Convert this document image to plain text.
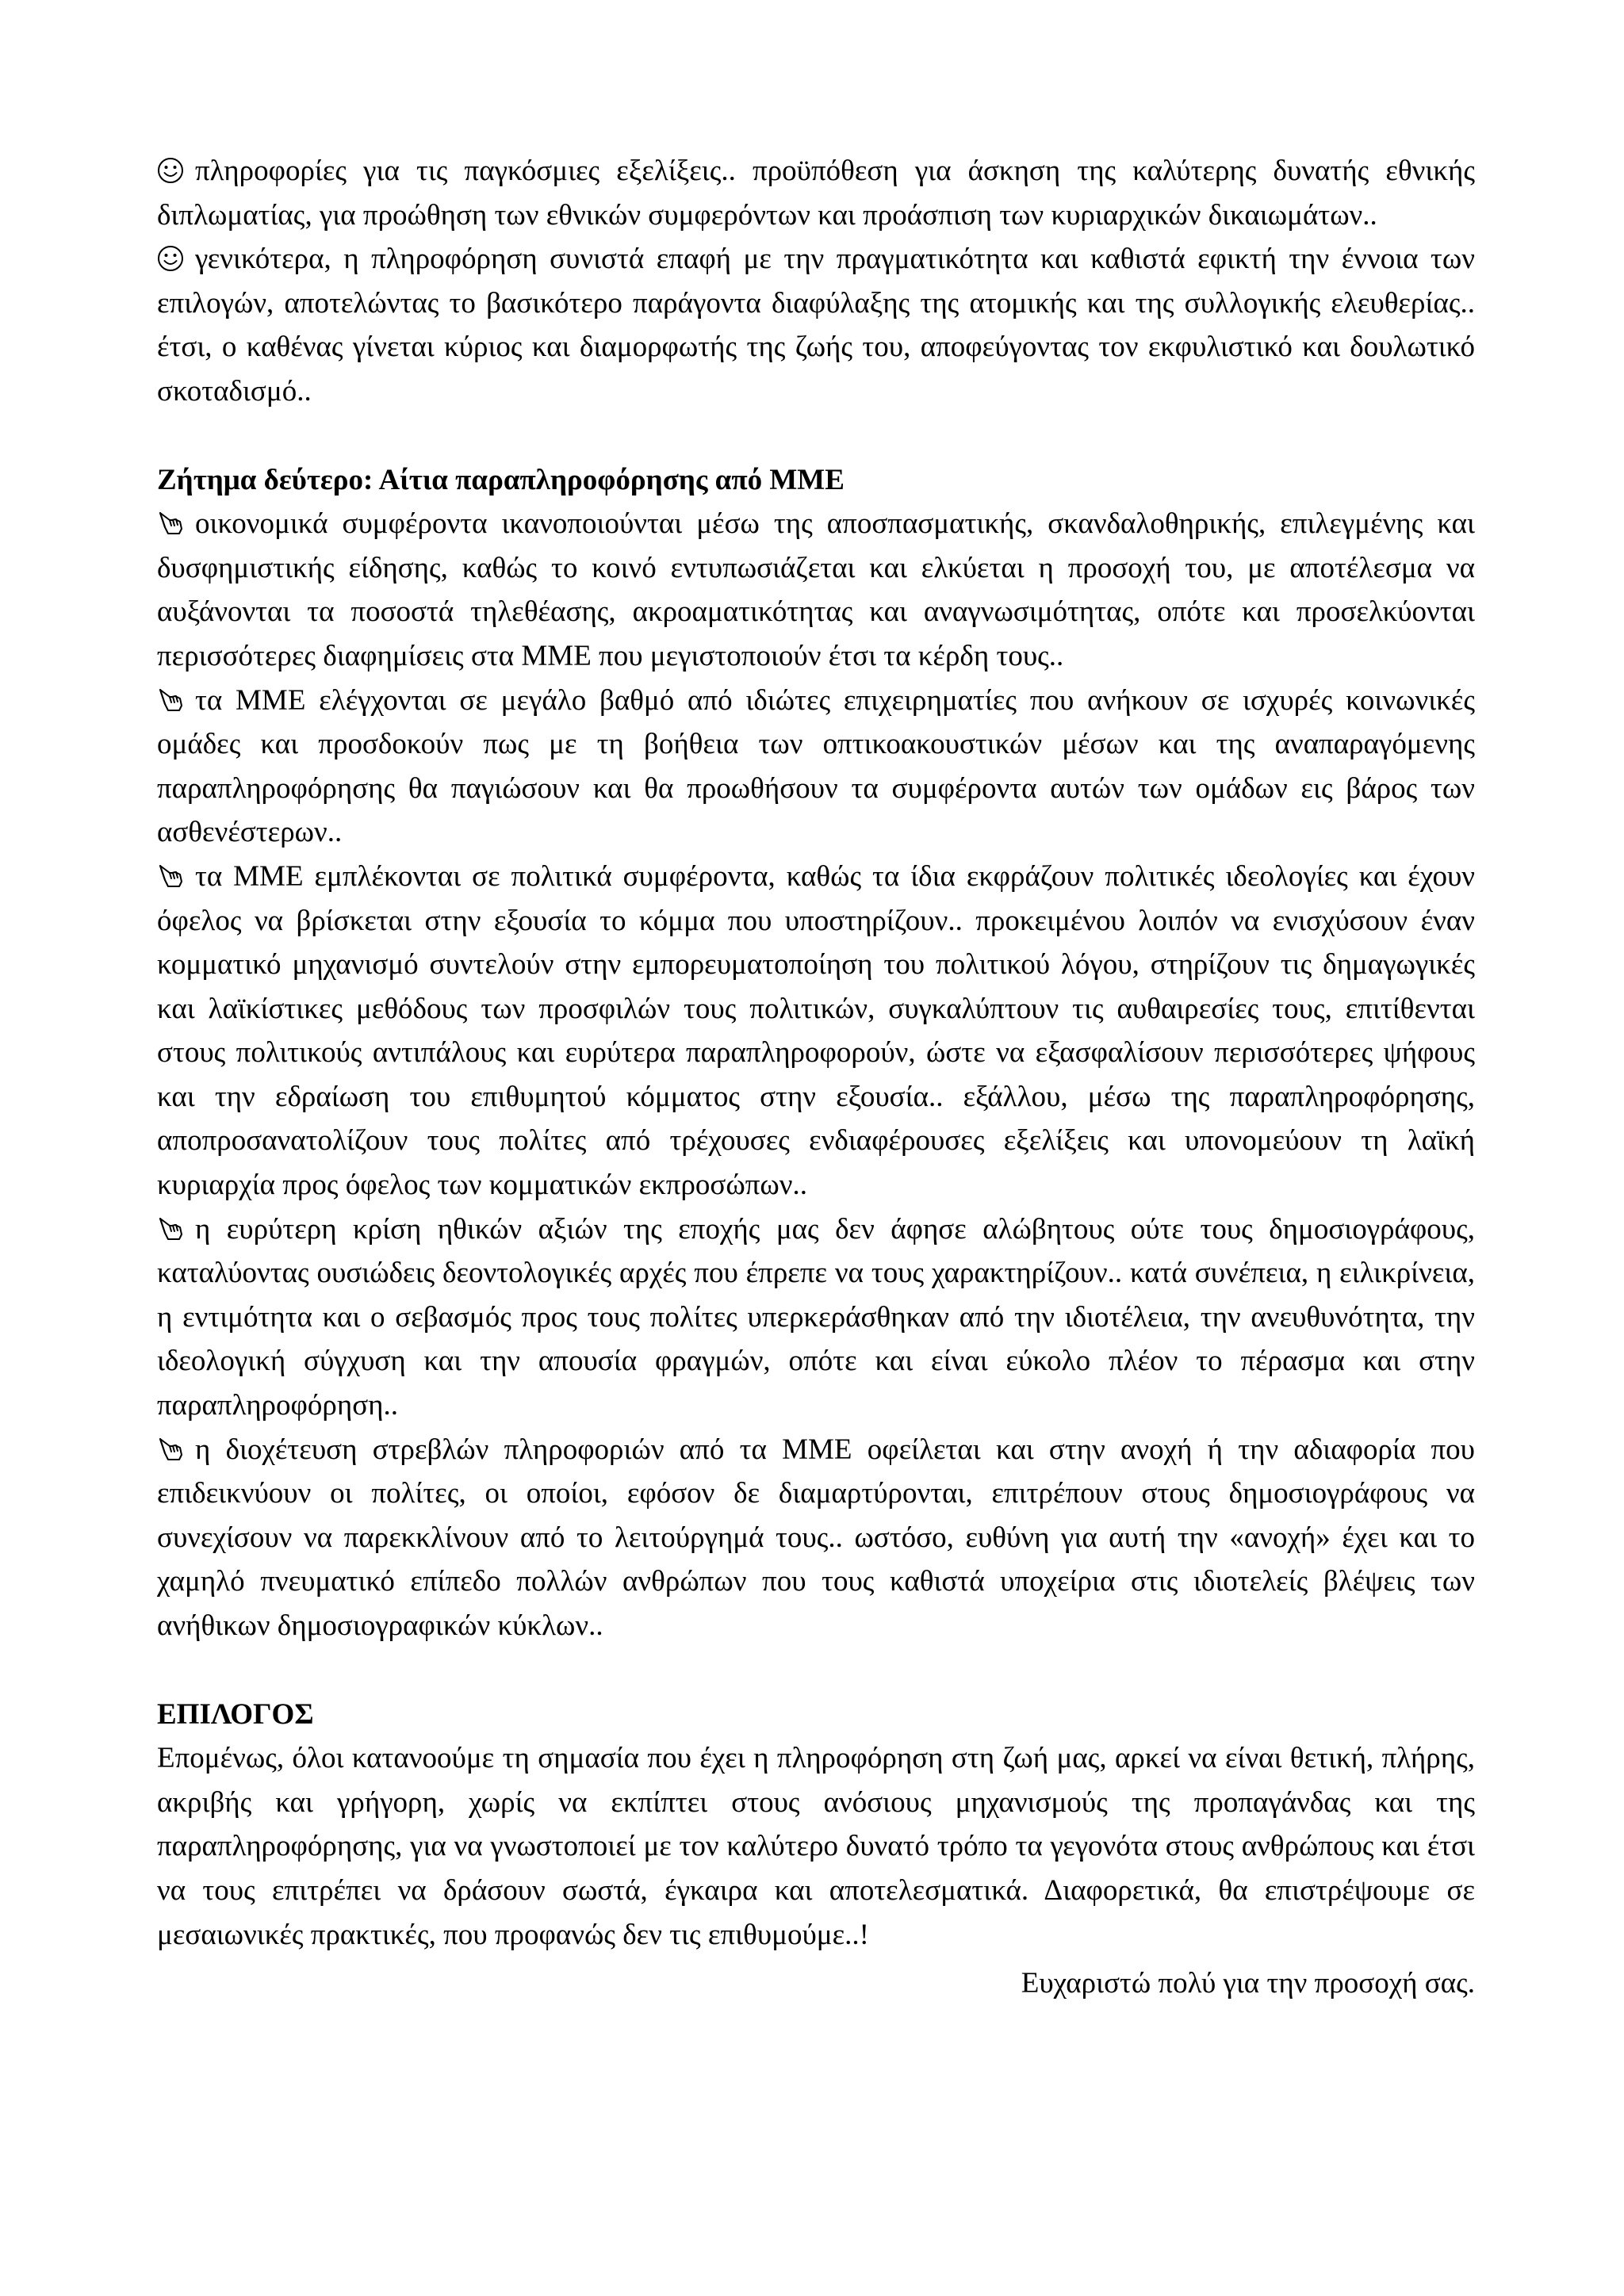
πληροφορίες για τις παγκόσμιες εξελίξεις.. προϋπόθεση για άσκηση της καλύτερης δυνατής εθνικής διπλωματίας, για προώθηση των εθνικών συμφερόντων και προάσπιση των κυριαρχικών δικαιωμάτων..

γενικότερα, η πληροφόρηση συνιστά επαφή με την πραγματικότητα και καθιστά εφικτή την έννοια των επιλογών, αποτελώντας το βασικότερο παράγοντα διαφύλαξης της ατομικής και της συλλογικής ελευθερίας.. έτσι, ο καθένας γίνεται κύριος και διαμορφωτής της ζωής του, αποφεύγοντας τον εκφυλιστικό και δουλωτικό σκοταδισμό..

Ζήτημα δεύτερο: Αίτια παραπληροφόρησης από ΜΜΕ

οικονομικά συμφέροντα ικανοποιούνται μέσω της αποσπασματικής, σκανδαλοθηρικής, επιλεγμένης και δυσφημιστικής είδησης, καθώς το κοινό εντυπωσιάζεται και ελκύεται η προσοχή του, με αποτέλεσμα να αυξάνονται τα ποσοστά τηλεθέασης, ακροαματικότητας και αναγνωσιμότητας, οπότε και προσελκύονται περισσότερες διαφημίσεις στα ΜΜΕ που μεγιστοποιούν έτσι τα κέρδη τους..

τα ΜΜΕ ελέγχονται σε μεγάλο βαθμό από ιδιώτες επιχειρηματίες που ανήκουν σε ισχυρές κοινωνικές ομάδες και προσδοκούν πως με τη βοήθεια των οπτικοακουστικών μέσων και της αναπαραγόμενης παραπληροφόρησης θα παγιώσουν και θα προωθήσουν τα συμφέροντα αυτών των ομάδων εις βάρος των ασθενέστερων..

τα ΜΜΕ εμπλέκονται σε πολιτικά συμφέροντα, καθώς τα ίδια εκφράζουν πολιτικές ιδεολογίες και έχουν όφελος να βρίσκεται στην εξουσία το κόμμα που υποστηρίζουν.. προκειμένου λοιπόν να ενισχύσουν έναν κομματικό μηχανισμό συντελούν στην εμπορευματοποίηση του πολιτικού λόγου, στηρίζουν τις δημαγωγικές και λαϊκίστικες μεθόδους των προσφιλών τους πολιτικών, συγκαλύπτουν τις αυθαιρεσίες τους, επιτίθενται στους πολιτικούς αντιπάλους και ευρύτερα παραπληροφορούν, ώστε να εξασφαλίσουν περισσότερες ψήφους και την εδραίωση του επιθυμητού κόμματος στην εξουσία.. εξάλλου, μέσω της παραπληροφόρησης, αποπροσανατολίζουν τους πολίτες από τρέχουσες ενδιαφέρουσες εξελίξεις και υπονομεύουν τη λαϊκή κυριαρχία προς όφελος των κομματικών εκπροσώπων..

η ευρύτερη κρίση ηθικών αξιών της εποχής μας δεν άφησε αλώβητους ούτε τους δημοσιογράφους, καταλύοντας ουσιώδεις δεοντολογικές αρχές που έπρεπε να τους χαρακτηρίζουν.. κατά συνέπεια, η ειλικρίνεια, η εντιμότητα και ο σεβασμός προς τους πολίτες υπερκεράσθηκαν από την ιδιοτέλεια, την ανευθυνότητα, την ιδεολογική σύγχυση και την απουσία φραγμών, οπότε και είναι εύκολο πλέον το πέρασμα και στην παραπληροφόρηση..

η διοχέτευση στρεβλών πληροφοριών από τα ΜΜΕ οφείλεται και στην ανοχή ή την αδιαφορία που επιδεικνύουν οι πολίτες, οι οποίοι, εφόσον δε διαμαρτύρονται, επιτρέπουν στους δημοσιογράφους να συνεχίσουν να παρεκκλίνουν από το λειτούργημά τους.. ωστόσο, ευθύνη για αυτή την «ανοχή» έχει και το χαμηλό πνευματικό επίπεδο πολλών ανθρώπων που τους καθιστά υποχείρια στις ιδιοτελείς βλέψεις των ανήθικων δημοσιογραφικών κύκλων..

ΕΠΙΛΟΓΟΣ

Επομένως, όλοι κατανοούμε τη σημασία που έχει η πληροφόρηση στη ζωή μας, αρκεί να είναι θετική, πλήρης, ακριβής και γρήγορη, χωρίς να εκπίπτει στους ανόσιους μηχανισμούς της προπαγάνδας και της παραπληροφόρησης, για να γνωστοποιεί με τον καλύτερο δυνατό τρόπο τα γεγονότα στους ανθρώπους και έτσι να τους επιτρέπει να δράσουν σωστά, έγκαιρα και αποτελεσματικά. Διαφορετικά, θα επιστρέψουμε σε μεσαιωνικές πρακτικές, που προφανώς δεν τις επιθυμούμε..!

Ευχαριστώ πολύ για την προσοχή σας.
